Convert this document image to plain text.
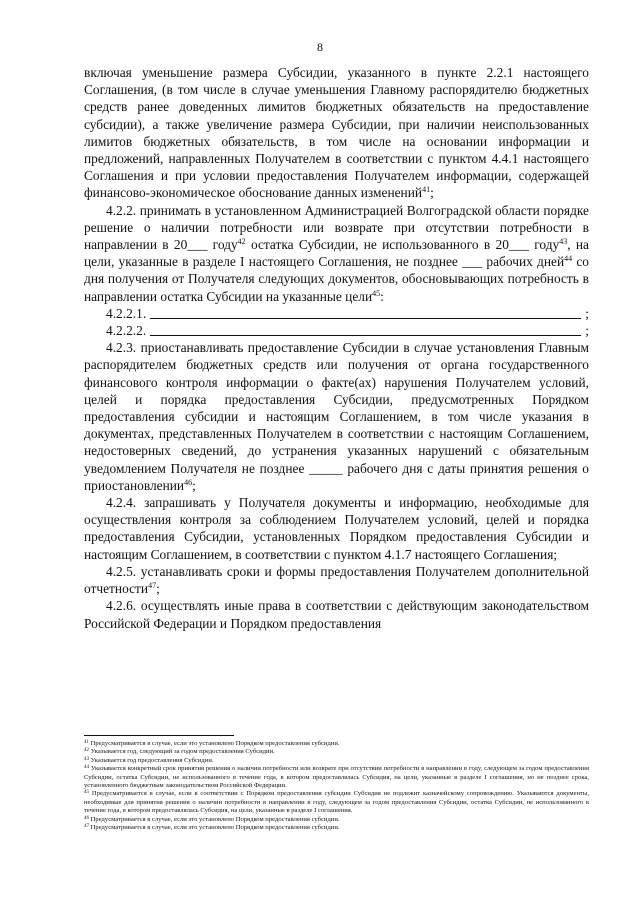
8

включая уменьшение размера Субсидии, указанного в пункте 2.2.1 настоящего Соглашения, (в том числе в случае уменьшения Главному распорядителю бюджетных средств ранее доведенных лимитов бюджетных обязательств на предоставление субсидии), а также увеличение размера Субсидии, при наличии неиспользованных лимитов бюджетных обязательств, в том числе на основании информации и предложений, направленных Получателем в соответствии с пунктом 4.4.1 настоящего Соглашения и при условии предоставления Получателем информации, содержащей финансово-экономическое обоснование данных изменений$^{41}$;

4.2.2. принимать в установленном Администрацией Волгоградской области порядке решение о наличии потребности или возврате при отсутствии потребности в направлении в 20___ году$^{42}$ остатка Субсидии, не использованного в 20___ году$^{43}$, на цели, указанные в разделе I настоящего Соглашения, не позднее ___ рабочих дней$^{44}$ со дня получения от Получателя следующих документов, обосновывающих потребность в направлении остатка Субсидии на указанные цели$^{45}$:

4.2.2.1.	;
4.2.2.2.	;

4.2.3. приостанавливать предоставление Субсидии в случае установления Главным распорядителем бюджетных средств или получения от органа государственного финансового контроля информации о факте(ах) нарушения Получателем условий, целей и порядка предоставления Субсидии, предусмотренных Порядком предоставления субсидии и настоящим Соглашением, в том числе указания в документах, представленных Получателем в соответствии с настоящим Соглашением, недостоверных сведений, до устранения указанных нарушений с обязательным уведомлением Получателя не позднее _____ рабочего дня с даты принятия решения о приостановлении$^{46}$;

4.2.4. запрашивать у Получателя документы и информацию, необходимые для осуществления контроля за соблюдением Получателем условий, целей и порядка предоставления Субсидии, установленных Порядком предоставления Субсидии и настоящим Соглашением, в соответствии с пунктом 4.1.7 настоящего Соглашения;

4.2.5. устанавливать сроки и формы предоставления Получателем дополнительной отчетности$^{47}$;

4.2.6. осуществлять иные права в соответствии с действующим законодательством Российской Федерации и Порядком предоставления

$^{41}$ Предусматривается в случае, если это установлено Порядком предоставления субсидии.

$^{42}$ Указывается год, следующий за годом предоставления Субсидии.

$^{43}$ Указывается год предоставления Субсидии.

$^{44}$ Указывается конкретный срок принятия решения о наличии потребности или возврате при отсутствии потребности в направлении в году, следующем за годом предоставления Субсидии, остатка Субсидии, не использованного в течение года, в котором предоставлялась Субсидия, на цели, указанные в разделе I соглашения, но не позднее срока, установленного бюджетным законодательством Российской Федерации.

$^{45}$ Предусматривается в случае, если в соответствии с Порядком предоставления субсидии Субсидия не подлежит казначейскому сопровождению. Указываются документы, необходимые для принятия решения о наличии потребности в направлении в году, следующем за годом предоставления Субсидии, остатка Субсидии, не использованного в течение года, в котором предоставлялась Субсидия, на цели, указанные в разделе I соглашения.

$^{46}$ Предусматривается в случае, если это установлено Порядком предоставления субсидии.

$^{47}$ Предусматривается в случае, если это установлено Порядком предоставления субсидии.
